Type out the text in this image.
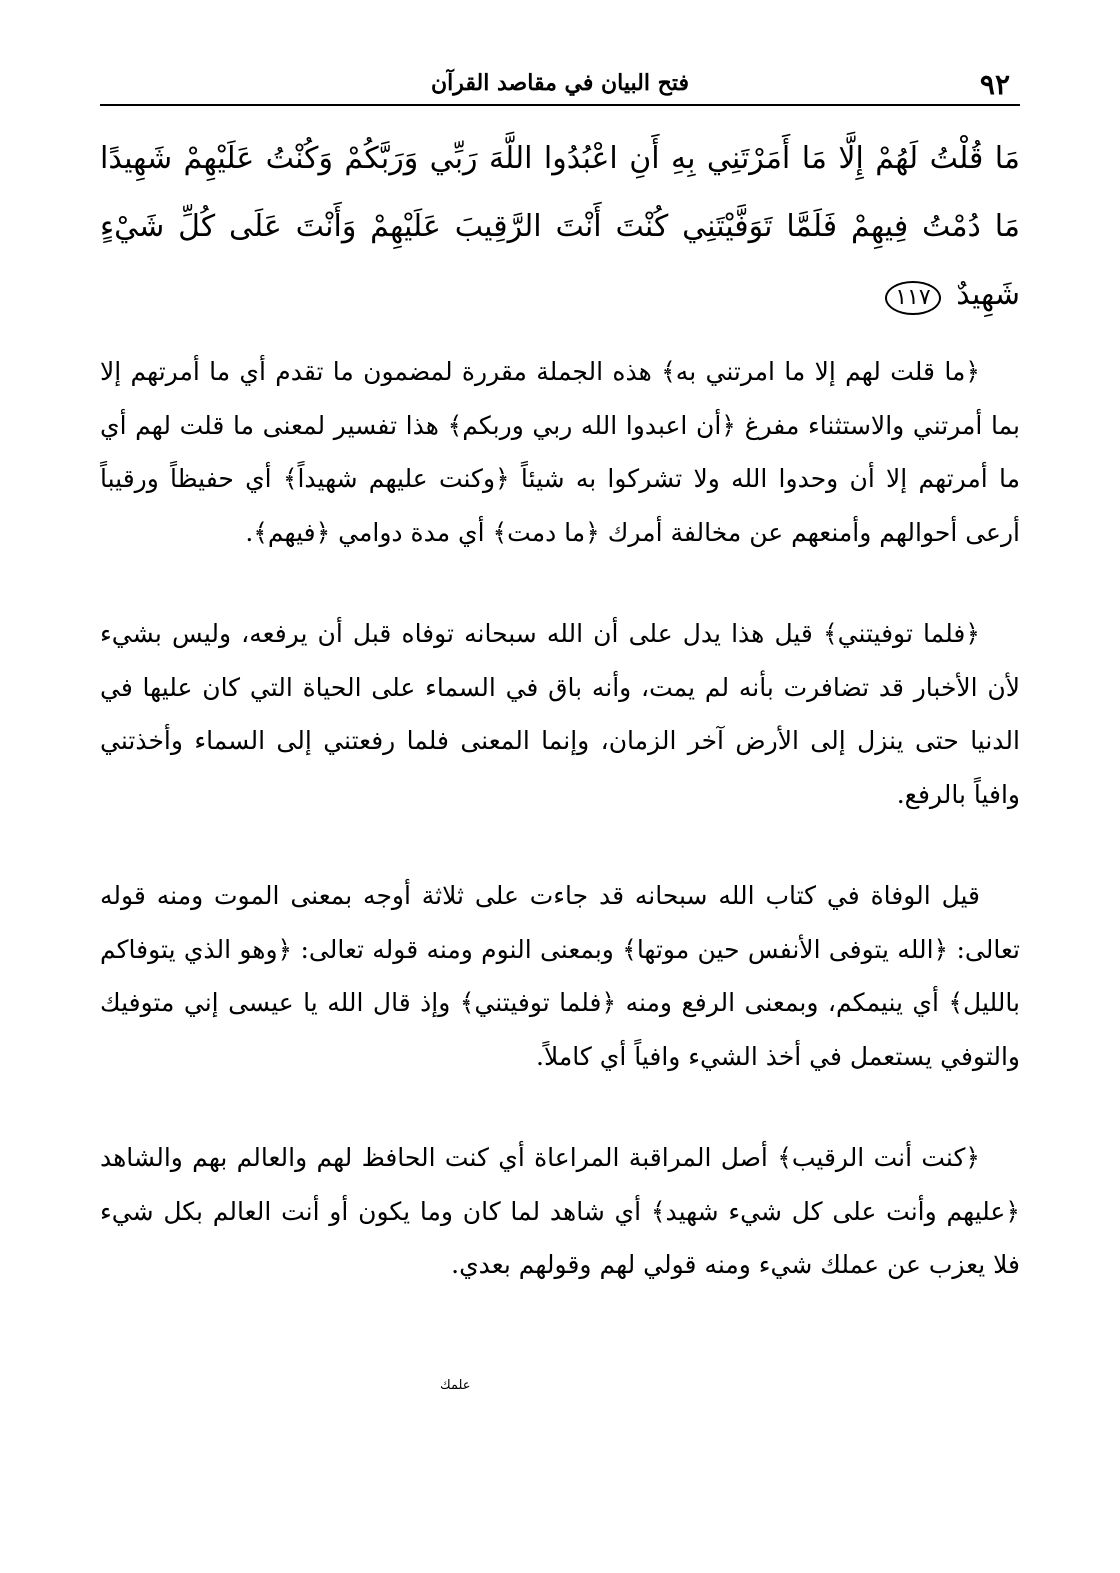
٩٢
فتح البيان في مقاصد القرآن
مَا قُلْتُ لَهُمْ إِلَّا مَا أَمَرْتَنِي بِهِ أَنِ اعْبُدُوا اللَّهَ رَبِّي وَرَبَّكُمْ وَكُنْتُ عَلَيْهِمْ شَهِيدًا مَا دُمْتُ فِيهِمْ فَلَمَّا تَوَفَّيْتَنِي كُنْتَ أَنْتَ الرَّقِيبَ عَلَيْهِمْ وَأَنْتَ عَلَى كُلِّ شَيْءٍ شَهِيدٌ ١١٧

﴿ما قلت لهم إلا ما امرتني به﴾ هذه الجملة مقررة لمضمون ما تقدم أي ما أمرتهم إلا بما أمرتني والاستثناء مفرغ ﴿أن اعبدوا الله ربي وربكم﴾ هذا تفسير لمعنى ما قلت لهم أي ما أمرتهم إلا أن وحدوا الله ولا تشركوا به شيئاً ﴿وكنت عليهم شهيداً﴾ أي حفيظاً ورقيباً أرعى أحوالهم وأمنعهم عن مخالفة أمرك ﴿ما دمت﴾ أي مدة دوامي ﴿فيهم﴾.

﴿فلما توفيتني﴾ قيل هذا يدل على أن الله سبحانه توفاه قبل أن يرفعه، وليس بشيء لأن الأخبار قد تضافرت بأنه لم يمت، وأنه باق في السماء على الحياة التي كان عليها في الدنيا حتى ينزل إلى الأرض آخر الزمان، وإنما المعنى فلما رفعتني إلى السماء وأخذتني وافياً بالرفع.

قيل الوفاة في كتاب الله سبحانه قد جاءت على ثلاثة أوجه بمعنى الموت ومنه قوله تعالى: ﴿الله يتوفى الأنفس حين موتها﴾ وبمعنى النوم ومنه قوله تعالى: ﴿وهو الذي يتوفاكم بالليل﴾ أي ينيمكم، وبمعنى الرفع ومنه ﴿فلما توفيتني﴾ وإذ قال الله يا عيسى إني متوفيك والتوفي يستعمل في أخذ الشيء وافياً أي كاملاً.

﴿كنت أنت الرقيب﴾ أصل المراقبة المراعاة أي كنت الحافظ لهم والعالم بهم والشاهد ﴿عليهم وأنت على كل شيء شهيد﴾ أي شاهد لما كان وما يكون أو أنت العالم بكل شيء فلا يعزب عن عملك شيء ومنه قولي لهم وقولهم بعدي.

علمك
